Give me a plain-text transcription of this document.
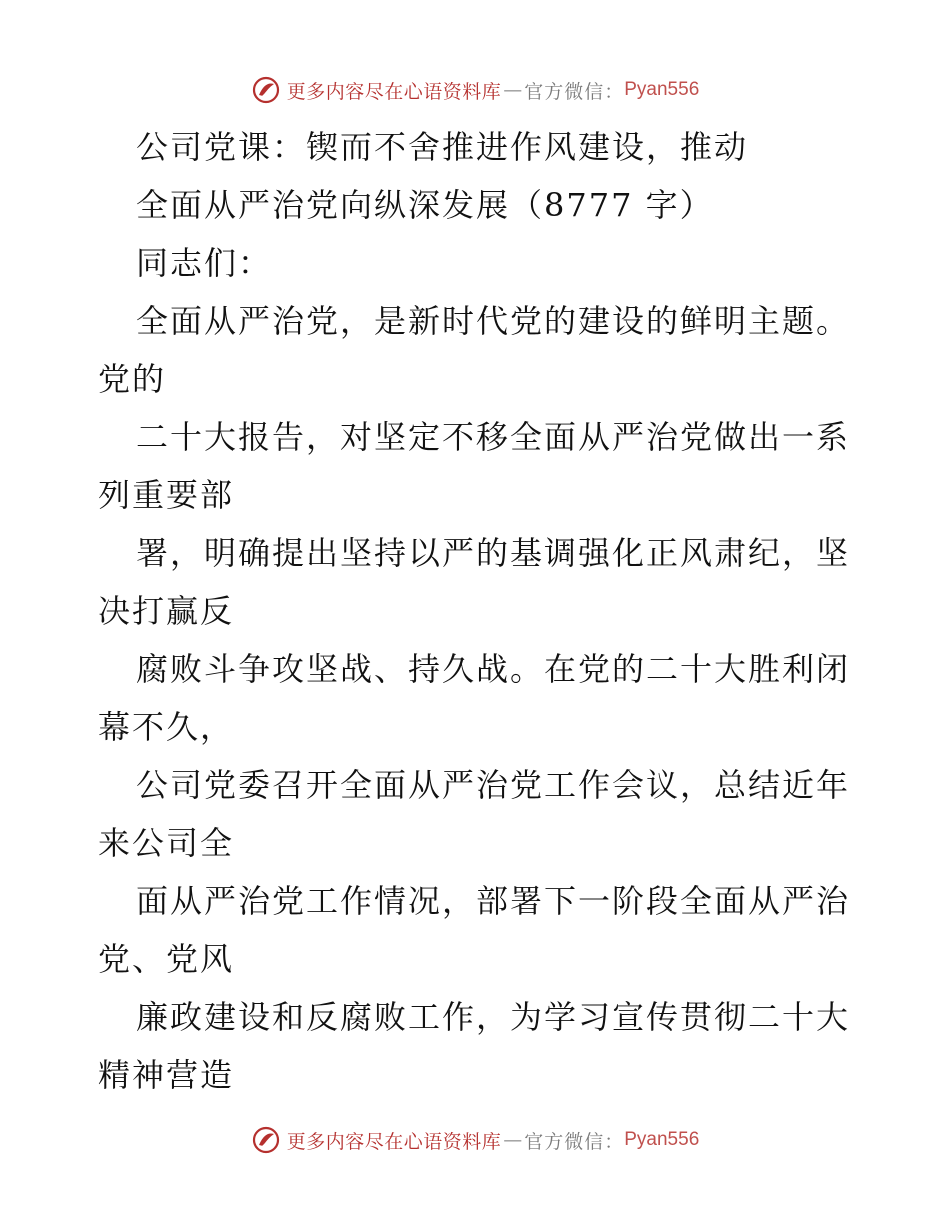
更多内容尽在心语资料库 — 官方微信： Pyan556
公司党课：锲而不舍推进作风建设，推动
全面从严治党向纵深发展（8777 字）
同志们：
全面从严治党，是新时代党的建设的鲜明主题。
党的
二十大报告，对坚定不移全面从严治党做出一系
列重要部
署，明确提出坚持以严的基调强化正风肃纪，坚
决打赢反
腐败斗争攻坚战、持久战。在党的二十大胜利闭
幕不久，
公司党委召开全面从严治党工作会议，总结近年
来公司全
面从严治党工作情况，部署下一阶段全面从严治
党、党风
廉政建设和反腐败工作，为学习宣传贯彻二十大
精神营造
更多内容尽在心语资料库 — 官方微信： Pyan556
